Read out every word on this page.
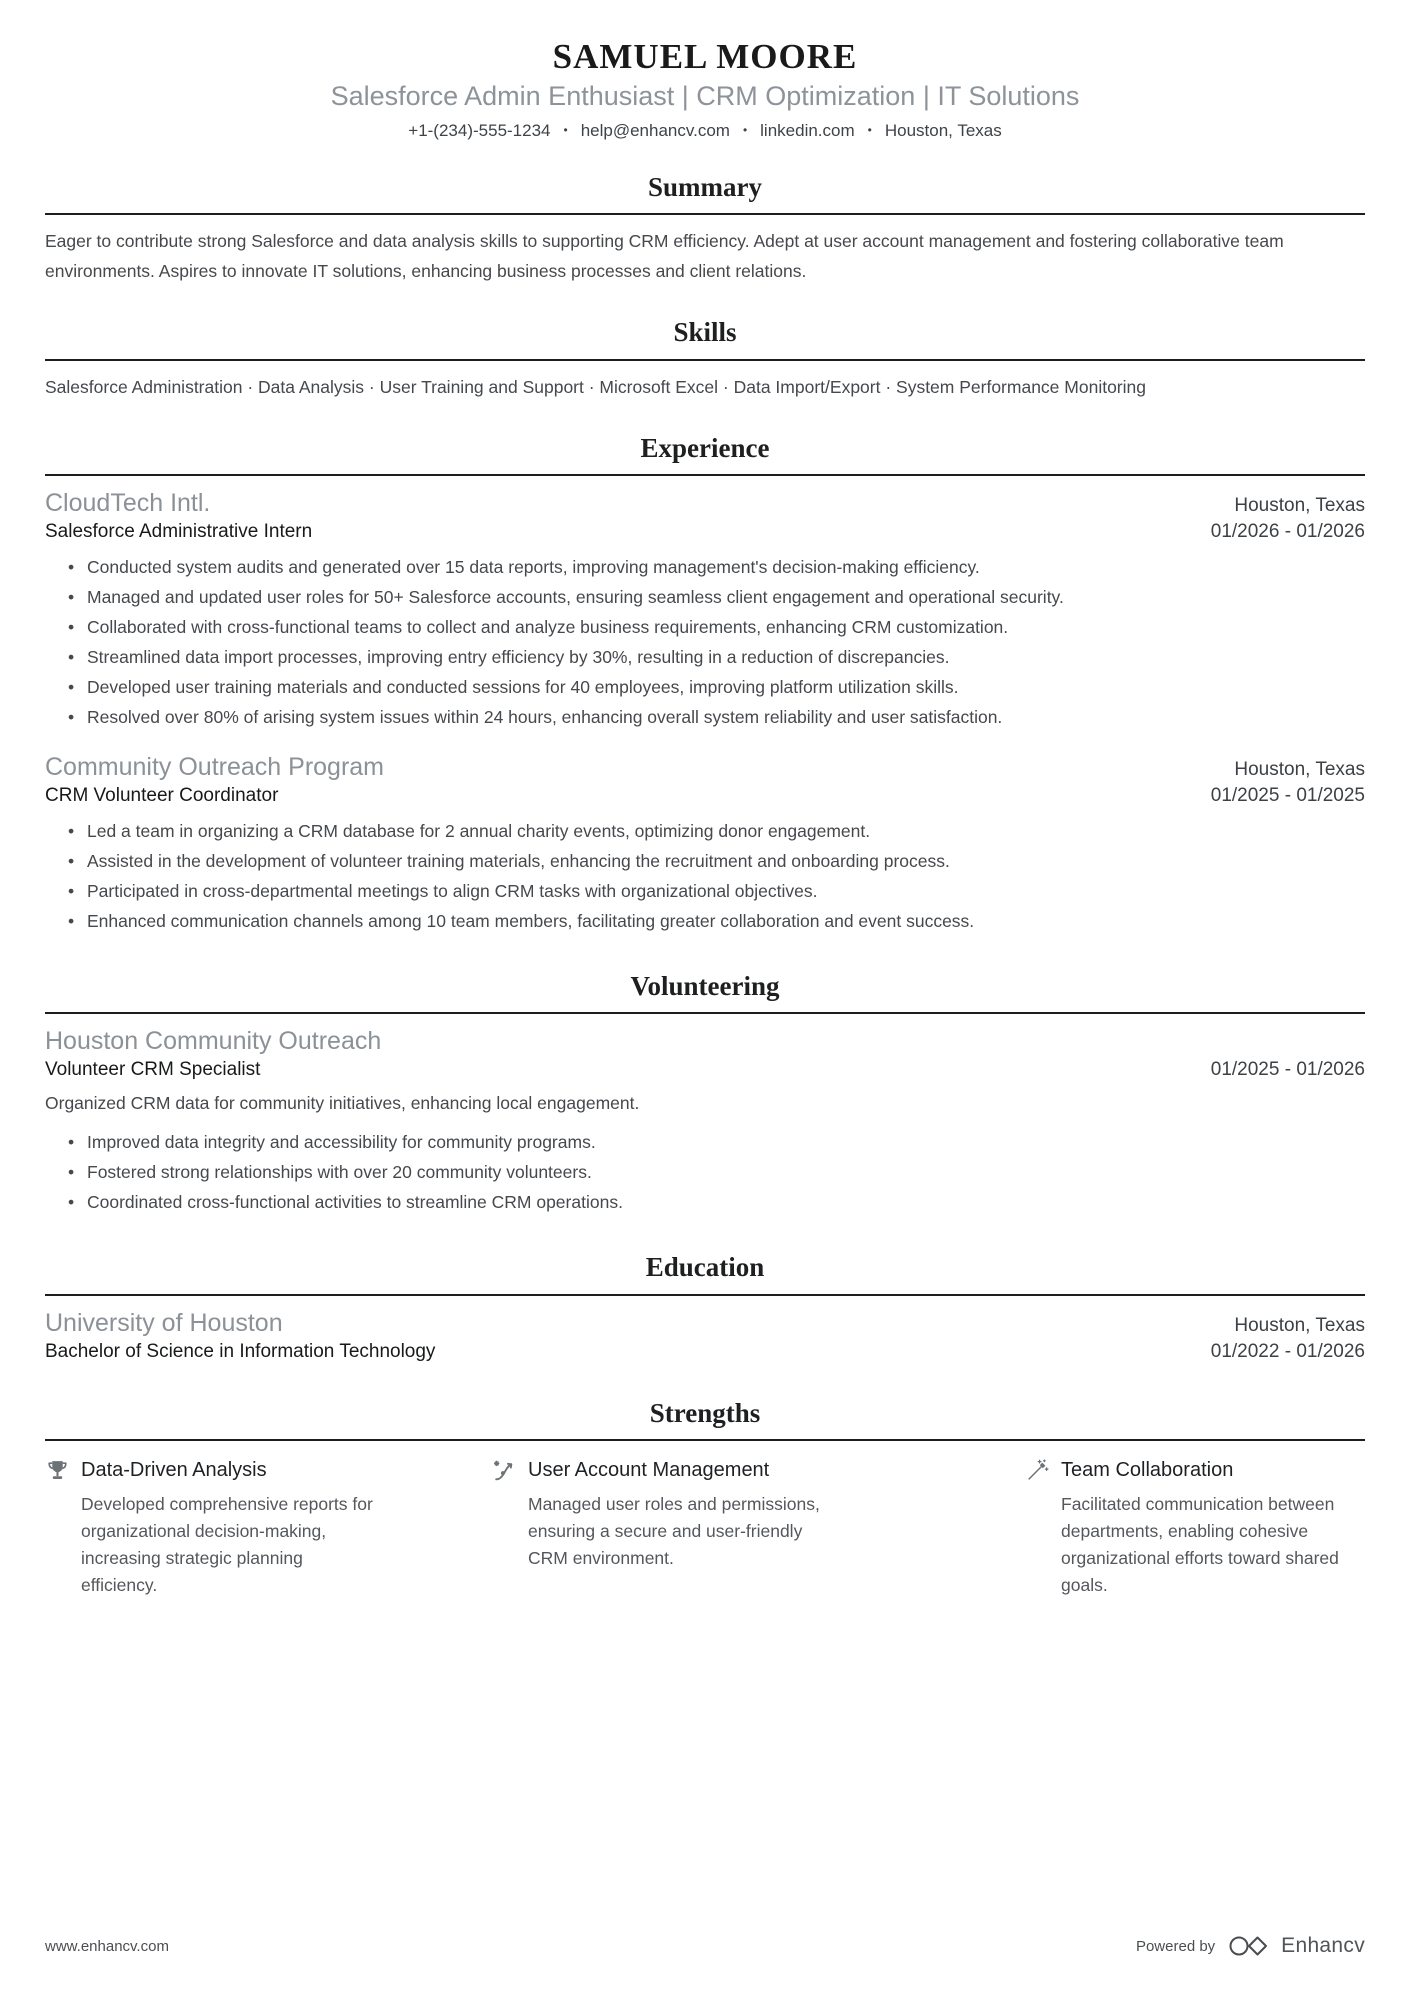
SAMUEL MOORE
Salesforce Admin Enthusiast | CRM Optimization | IT Solutions
+1-(234)-555-1234 • help@enhancv.com • linkedin.com • Houston, Texas
Summary
Eager to contribute strong Salesforce and data analysis skills to supporting CRM efficiency. Adept at user account management and fostering collaborative team environments. Aspires to innovate IT solutions, enhancing business processes and client relations.
Skills
Salesforce Administration · Data Analysis · User Training and Support · Microsoft Excel · Data Import/Export · System Performance Monitoring
Experience
CloudTech Intl.	Houston, Texas
Salesforce Administrative Intern	01/2026 - 01/2026
• Conducted system audits and generated over 15 data reports, improving management's decision-making efficiency.
• Managed and updated user roles for 50+ Salesforce accounts, ensuring seamless client engagement and operational security.
• Collaborated with cross-functional teams to collect and analyze business requirements, enhancing CRM customization.
• Streamlined data import processes, improving entry efficiency by 30%, resulting in a reduction of discrepancies.
• Developed user training materials and conducted sessions for 40 employees, improving platform utilization skills.
• Resolved over 80% of arising system issues within 24 hours, enhancing overall system reliability and user satisfaction.
Community Outreach Program	Houston, Texas
CRM Volunteer Coordinator	01/2025 - 01/2025
• Led a team in organizing a CRM database for 2 annual charity events, optimizing donor engagement.
• Assisted in the development of volunteer training materials, enhancing the recruitment and onboarding process.
• Participated in cross-departmental meetings to align CRM tasks with organizational objectives.
• Enhanced communication channels among 10 team members, facilitating greater collaboration and event success.
Volunteering
Houston Community Outreach
Volunteer CRM Specialist	01/2025 - 01/2026
Organized CRM data for community initiatives, enhancing local engagement.
• Improved data integrity and accessibility for community programs.
• Fostered strong relationships with over 20 community volunteers.
• Coordinated cross-functional activities to streamline CRM operations.
Education
University of Houston	Houston, Texas
Bachelor of Science in Information Technology	01/2022 - 01/2026
Strengths
Data-Driven Analysis
Developed comprehensive reports for organizational decision-making, increasing strategic planning efficiency.
User Account Management
Managed user roles and permissions, ensuring a secure and user-friendly CRM environment.
Team Collaboration
Facilitated communication between departments, enabling cohesive organizational efforts toward shared goals.
www.enhancv.com	Powered by	Enhancv
